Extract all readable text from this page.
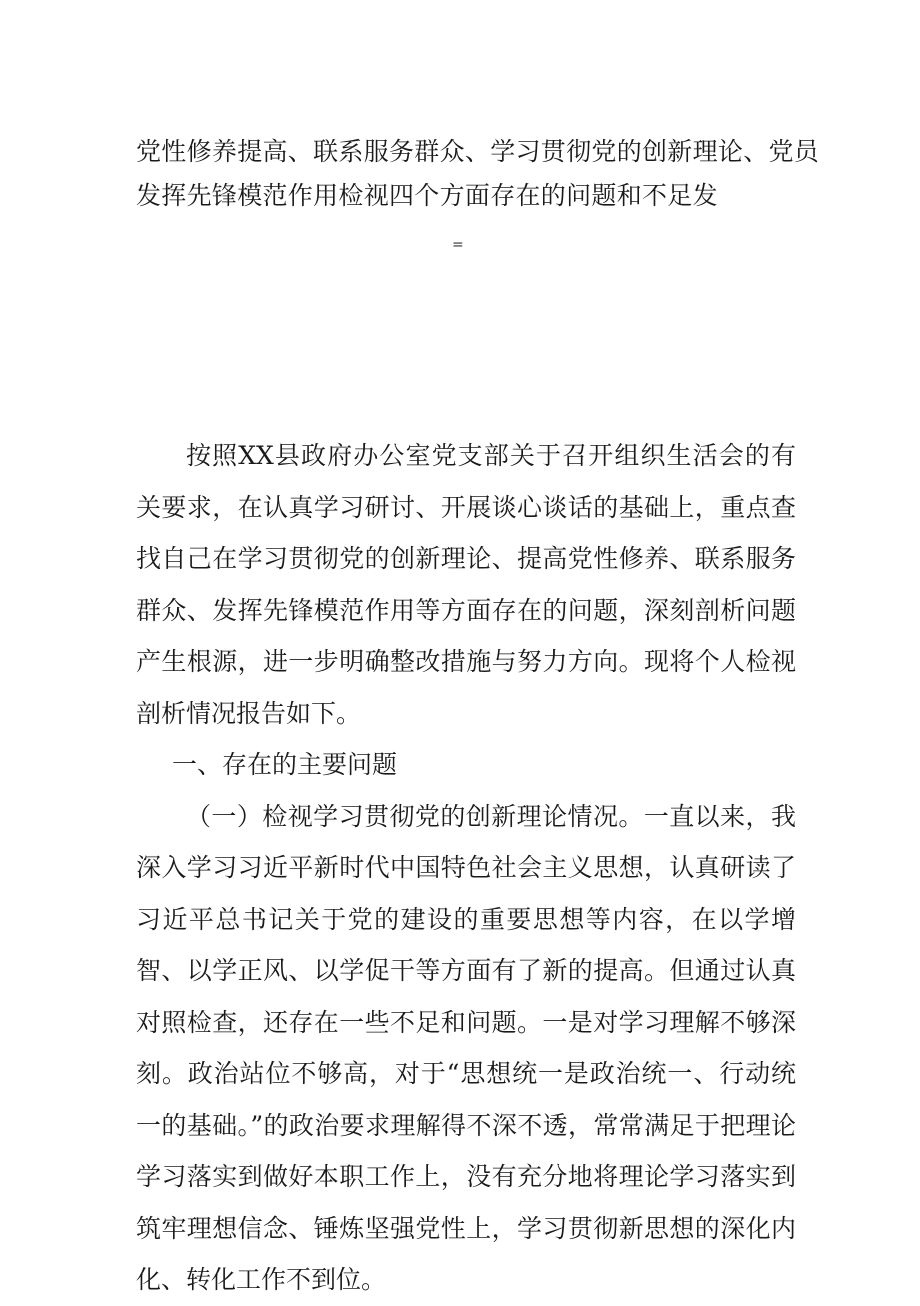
党性修养提高、联系服务群众、学习贯彻党的创新理论、党员
发挥先锋模范作用检视四个方面存在的问题和不足发
=

按照XX县政府办公室党支部关于召开组织生活会的有关要求，在认真学习研讨、开展谈心谈话的基础上，重点查找自己在学习贯彻党的创新理论、提高党性修养、联系服务群众、发挥先锋模范作用等方面存在的问题，深刻剖析问题产生根源，进一步明确整改措施与努力方向。现将个人检视剖析情况报告如下。

一、存在的主要问题

（一）检视学习贯彻党的创新理论情况。一直以来，我深入学习习近平新时代中国特色社会主义思想，认真研读了习近平总书记关于党的建设的重要思想等内容，在以学增智、以学正风、以学促干等方面有了新的提高。但通过认真对照检查，还存在一些不足和问题。一是对学习理解不够深刻。政治站位不够高，对于“思想统一是政治统一、行动统一的基础。”的政治要求理解得不深不透，常常满足于把理论学习落实到做好本职工作上，没有充分地将理论学习落实到筑牢理想信念、锤炼坚强党性上，学习贯彻新思想的深化内化、转化工作不到位。
